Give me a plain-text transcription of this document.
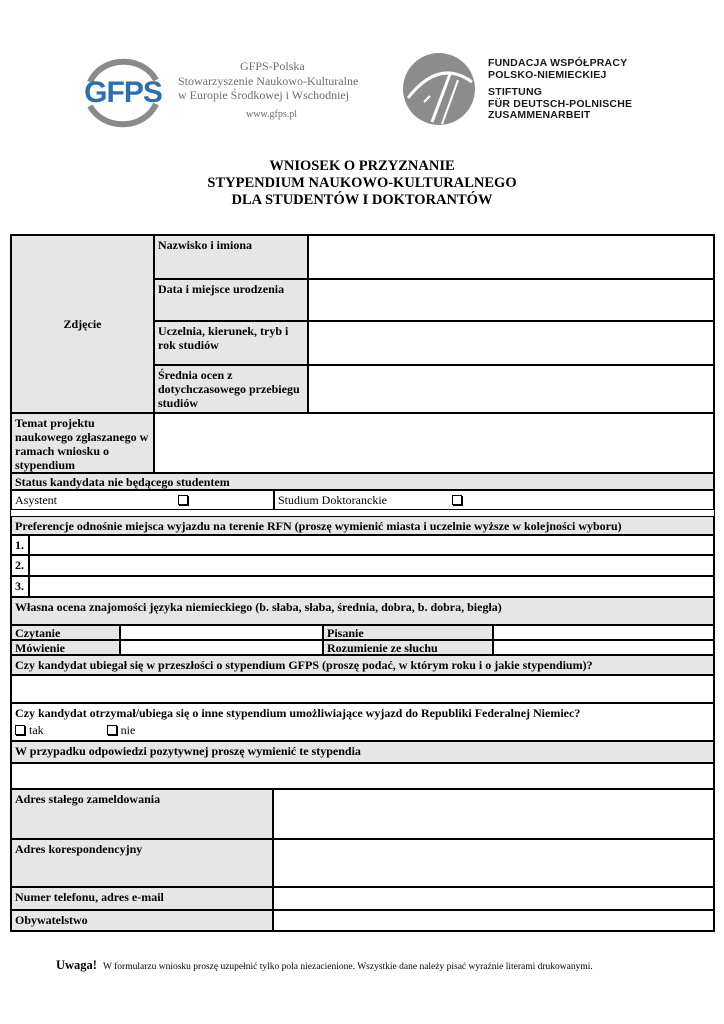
GFPS
GFPS-Polska
Stowarzyszenie Naukowo-Kulturalne
w Europie Środkowej i Wschodniej
www.gfps.pl
FUNDACJA WSPÓŁPRACY
POLSKO-NIEMIECKIEJ
STIFTUNG
FÜR DEUTSCH-POLNISCHE
ZUSAMMENARBEIT
WNIOSEK O PRZYZNANIE
STYPENDIUM NAUKOWO-KULTURALNEGO
DLA STUDENTÓW I DOKTORANTÓW
Zdjęcie
Nazwisko i imiona
Data i miejsce urodzenia
Uczelnia, kierunek, tryb i rok studiów
Średnia ocen z dotychczasowego przebiegu studiów
Temat projektu naukowego zgłaszanego w ramach wniosku o stypendium
Status kandydata nie będącego studentem
Asystent	Studium Doktoranckie
Preferencje odnośnie miejsca wyjazdu na terenie RFN (proszę wymienić miasta i uczelnie wyższe w kolejności wyboru)
1.
2.
3.
Własna ocena znajomości języka niemieckiego (b. słaba, słaba, średnia, dobra, b. dobra, biegła)
Czytanie	Pisanie
Mówienie	Rozumienie ze słuchu
Czy kandydat ubiegał się w przeszłości o stypendium GFPS (proszę podać, w którym roku i o jakie stypendium)?
Czy kandydat otrzymał/ubiega się o inne stypendium umożliwiające wyjazd do Republiki Federalnej Niemiec?
tak	nie
W przypadku odpowiedzi pozytywnej proszę wymienić te stypendia
Adres stałego zameldowania
Adres korespondencyjny
Numer telefonu, adres e-mail
Obywatelstwo
Uwaga! W formularzu wniosku proszę uzupełnić tylko pola niezacienione. Wszystkie dane należy pisać wyraźnie literami drukowanymi.
